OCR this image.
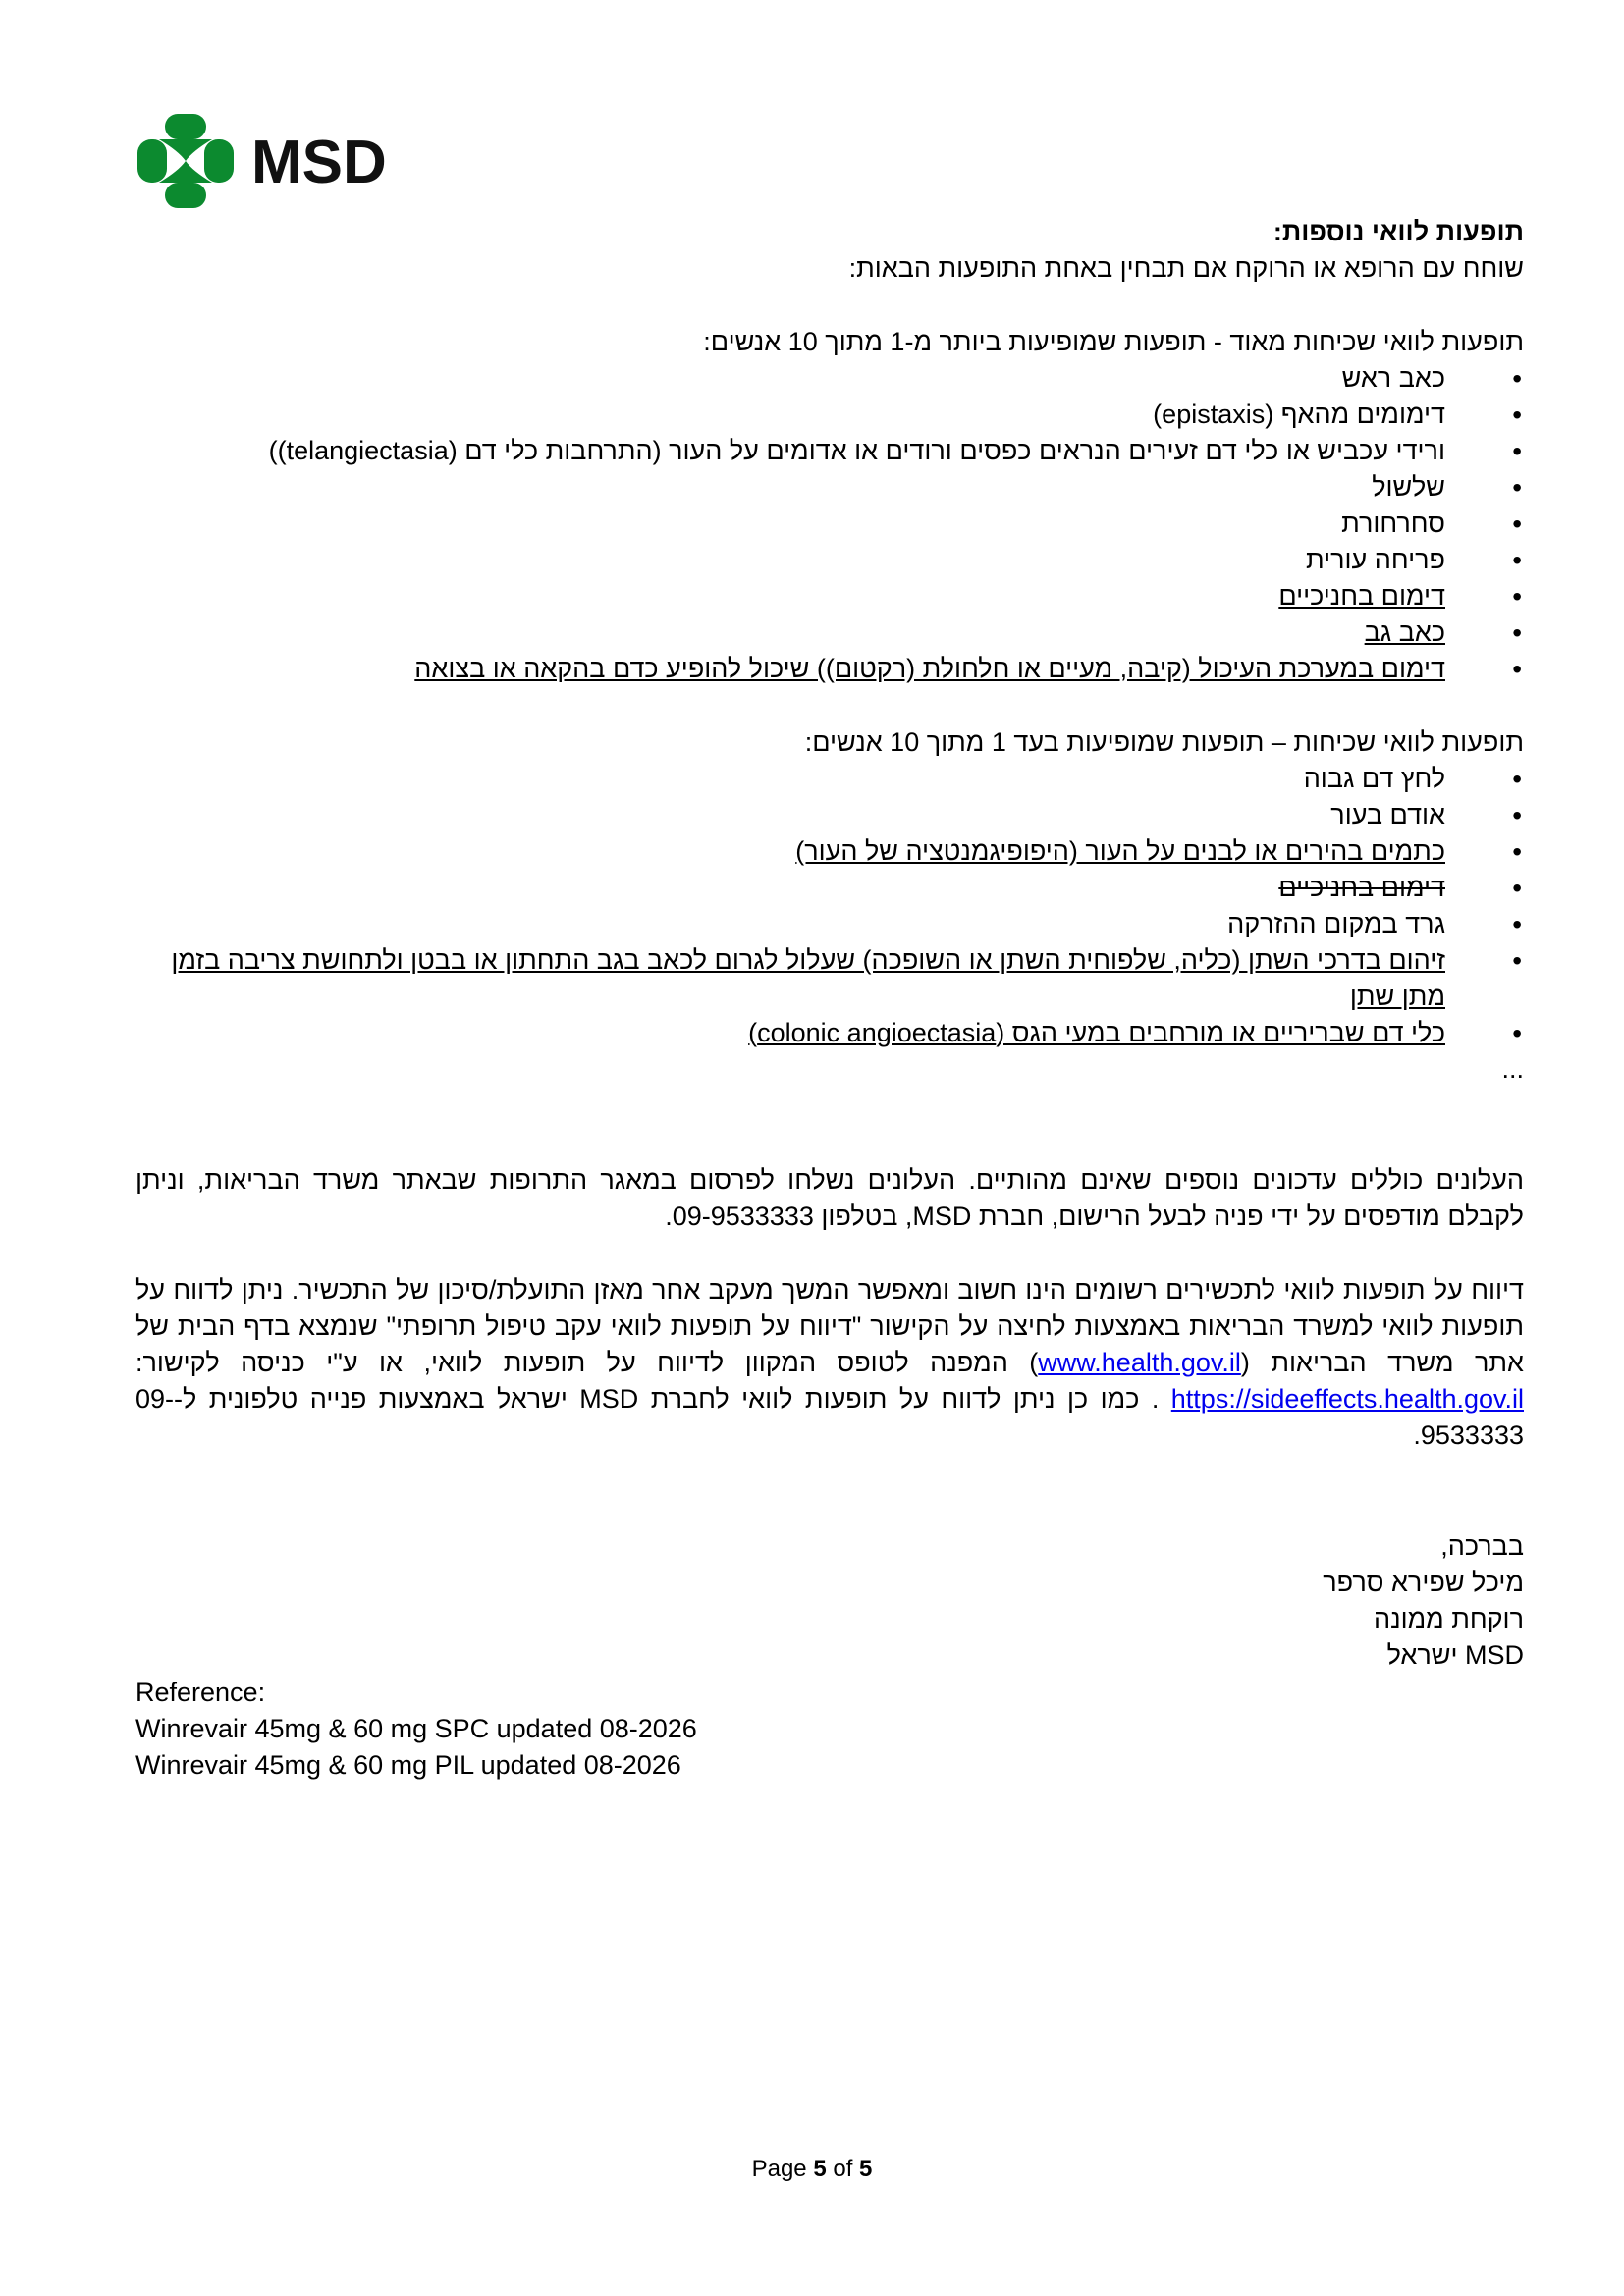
MSD

תופעות לוואי נוספות:

שוחח עם הרופא או הרוקח אם תבחין באחת התופעות הבאות:

תופעות לוואי שכיחות מאוד - תופעות שמופיעות ביותר מ-1 מתוך 10 אנשים:

• כאב ראש
• דימומים מהאף (epistaxis)
• ורידי עכביש או כלי דם זעירים הנראים כפסים ורודים או אדומים על העור (התרחבות כלי דם (telangiectasia))
• שלשול
• סחרחורת
• פריחה עורית
• דימום בחניכיים
• כאב גב
• דימום במערכת העיכול (קיבה, מעיים או חלחולת (רקטום)) שיכול להופיע כדם בהקאה או בצואה

תופעות לוואי שכיחות – תופעות שמופיעות בעד 1 מתוך 10 אנשים:

• לחץ דם גבוה
• אודם בעור
• כתמים בהירים או לבנים על העור (היפופיגמנטציה של העור)
• דימום בחניכיים
• גרד במקום ההזרקה
• זיהום בדרכי השתן (כליה, שלפוחית השתן או השופכה) שעלול לגרום לכאב בגב התחתון או בבטן ולתחושת צריבה בזמן מתן שתן
• כלי דם שבריריים או מורחבים במעי הגס (colonic angioectasia)

...

העלונים כוללים עדכונים נוספים שאינם מהותיים. העלונים נשלחו לפרסום במאגר התרופות שבאתר משרד הבריאות, וניתן לקבלם מודפסים על ידי פניה לבעל הרישום, חברת MSD, בטלפון 09-9533333.

דיווח על תופעות לוואי לתכשירים רשומים הינו חשוב ומאפשר המשך מעקב אחר מאזן התועלת/סיכון של התכשיר. ניתן לדווח על תופעות לוואי למשרד הבריאות באמצעות לחיצה על הקישור "דיווח על תופעות לוואי עקב טיפול תרופתי" שנמצא בדף הבית של אתר משרד הבריאות (www.health.gov.il) המפנה לטופס המקוון לדיווח על תופעות לוואי, או ע"י כניסה לקישור: https://sideeffects.health.gov.il . כמו כן ניתן לדווח על תופעות לוואי לחברת MSD ישראל באמצעות פנייה טלפונית ל-09-9533333.

בברכה,

מיכל שפירא סרפר

רוקחת ממונה

MSD ישראל

Reference:
Winrevair 45mg & 60 mg SPC updated 08-2026
Winrevair 45mg & 60 mg PIL updated 08-2026
Page 5 of 5
